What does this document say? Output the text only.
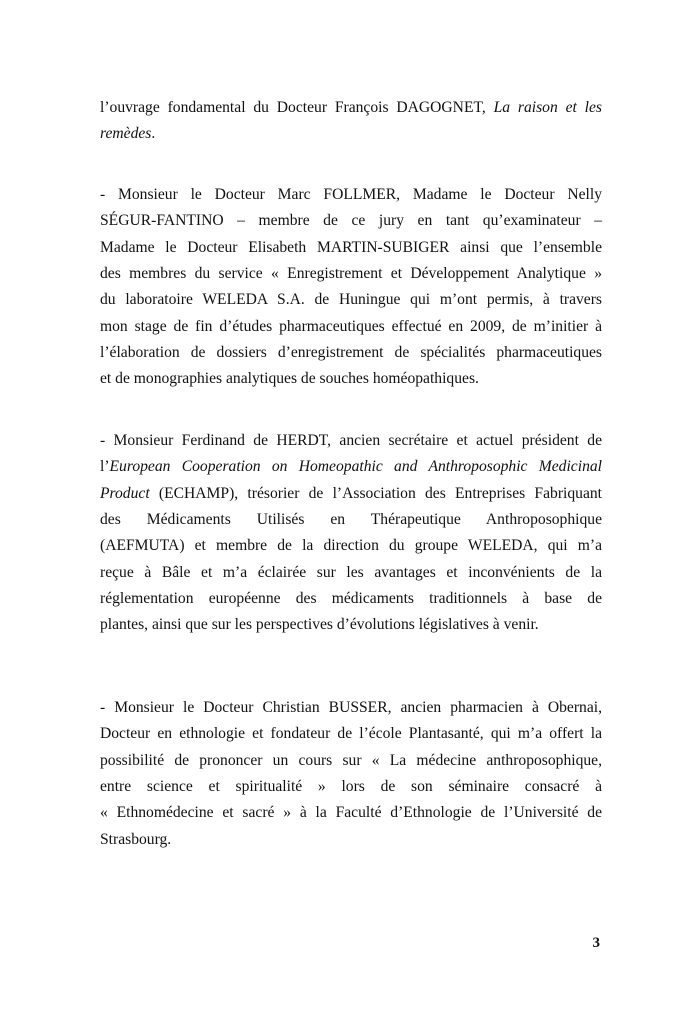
l’ouvrage fondamental du Docteur François DAGOGNET, La raison et les
remèdes.
- Monsieur le Docteur Marc FOLLMER, Madame le Docteur Nelly
SÉGUR-FANTINO – membre de ce jury en tant qu’examinateur –
Madame le Docteur Elisabeth MARTIN-SUBIGER ainsi que l’ensemble
des membres du service « Enregistrement et Développement Analytique »
du laboratoire WELEDA S.A. de Huningue qui m’ont permis, à travers
mon stage de fin d’études pharmaceutiques effectué en 2009, de m’initier à
l’élaboration de dossiers d’enregistrement de spécialités pharmaceutiques
et de monographies analytiques de souches homéopathiques.
- Monsieur Ferdinand de HERDT, ancien secrétaire et actuel président de
l’European Cooperation on Homeopathic and Anthroposophic Medicinal
Product (ECHAMP), trésorier de l’Association des Entreprises Fabriquant
des Médicaments Utilisés en Thérapeutique Anthroposophique
(AEFMUTA) et membre de la direction du groupe WELEDA, qui m’a
reçue à Bâle et m’a éclairée sur les avantages et inconvénients de la
réglementation européenne des médicaments traditionnels à base de
plantes, ainsi que sur les perspectives d’évolutions législatives à venir.
- Monsieur le Docteur Christian BUSSER, ancien pharmacien à Obernai,
Docteur en ethnologie et fondateur de l’école Plantasanté, qui m’a offert la
possibilité de prononcer un cours sur « La médecine anthroposophique,
entre science et spiritualité » lors de son séminaire consacré à
« Ethnomédecine et sacré » à la Faculté d’Ethnologie de l’Université de
Strasbourg.
3
